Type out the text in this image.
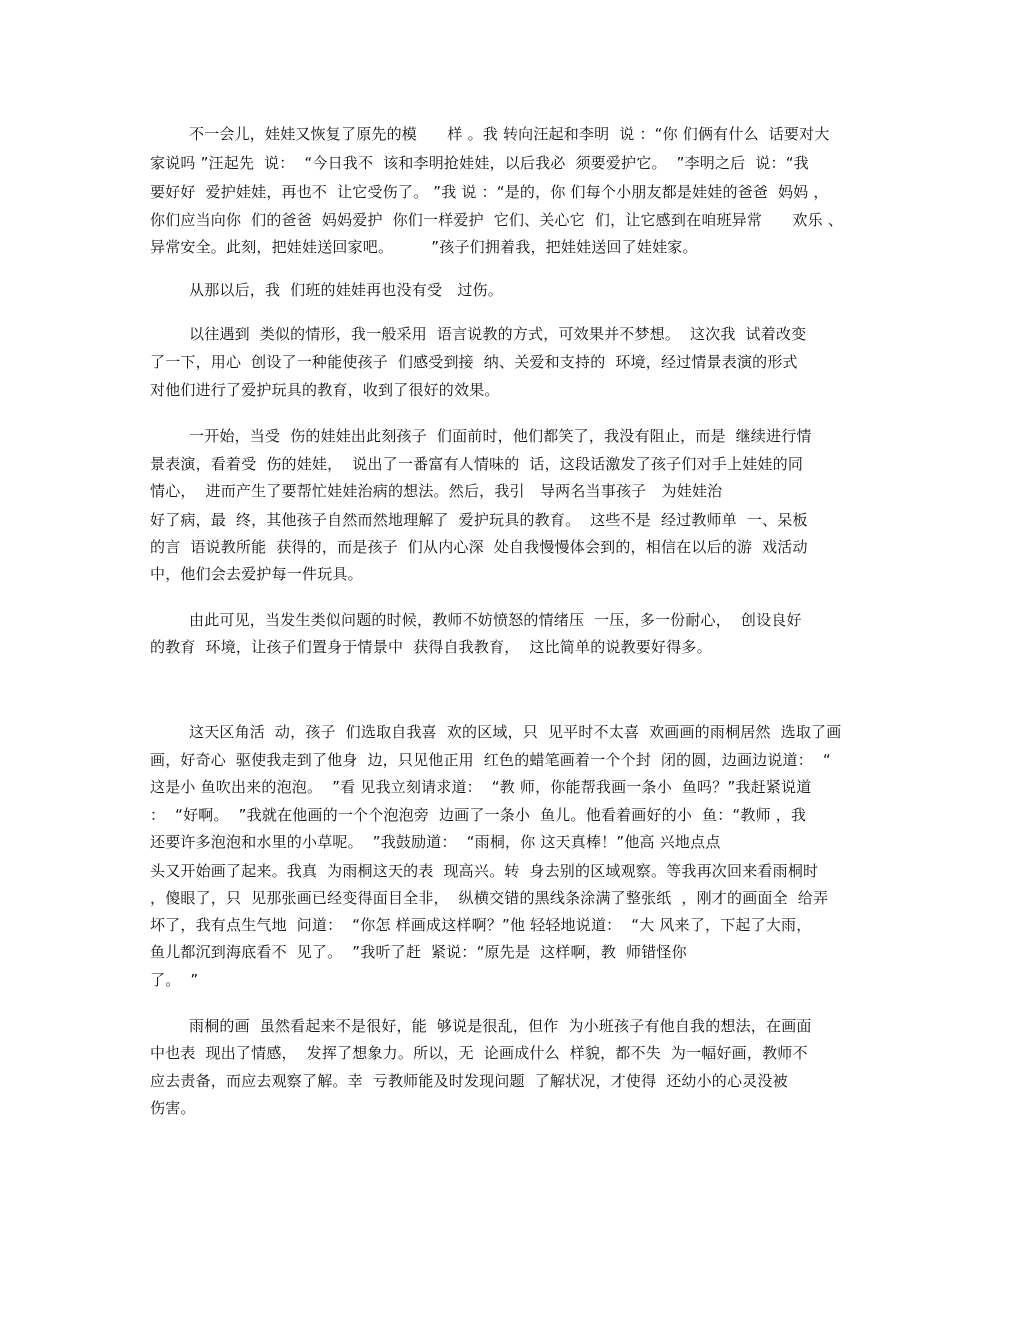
不一会儿，娃娃又恢复了原先的模　　样 。我 转向汪起和李明  说 ：“你 们俩有什么  话要对大

家说吗 ”汪起先  说：  “今日我不  该和李明抢娃娃，以后我必  须要爱护它。  ”李明之后  说：“我

要好好  爱护娃娃，再也不  让它受伤了。 ”我 说 ：“是的，你 们每个小朋友都是娃娃的爸爸  妈妈 ，

你们应当向你  们的爸爸  妈妈爱护  你们一样爱护  它们、关心它  们，让它感到在咱班异常　　欢乐 、

异常安全。此刻，把娃娃送回家吧。　　　”孩子们拥着我，把娃娃送回了娃娃家。

从那以后，我  们班的娃娃再也没有受　过伤。

以往遇到  类似的情形，我一般采用  语言说教的方式，可效果并不梦想。  这次我  试着改变

了一下，用心  创设了一种能使孩子  们感受到接  纳、关爱和支持的  环境，经过情景表演的形式

对他们进行了爱护玩具的教育，收到了很好的效果。

一开始，当受  伤的娃娃出此刻孩子  们面前时，他们都笑了，我没有阻止，而是  继续进行情

景表演，看着受  伤的娃娃，  说出了一番富有人情味的  话，这段话激发了孩子们对手上娃娃的同

情心，  进而产生了要帮忙娃娃治病的想法。然后，我引　导两名当事孩子　为娃娃治

好了病，最  终，其他孩子自然而然地理解了  爱护玩具的教育。  这些不是  经过教师单  一、呆板

的言  语说教所能  获得的，而是孩子  们从内心深  处自我慢慢体会到的，相信在以后的游  戏活动

中，他们会去爱护每一件玩具。

由此可见，当发生类似问题的时候，教师不妨愤怒的情绪压  一压，多一份耐心，  创设良好

的教育  环境，让孩子们置身于情景中  获得自我教育，  这比简单的说教要好得多。

这天区角活  动，孩子  们选取自我喜  欢的区域，只  见平时不太喜  欢画画的雨桐居然  选取了画

画，好奇心  驱使我走到了他身  边，只见他正用  红色的蜡笔画着一个个封  闭的圆，边画边说道：  “

这是小 鱼吹出来的泡泡。  ”看 见我立刻请求道：  “教 师，你能帮我画一条小  鱼吗？”我赶紧说道

：  “好啊。  ”我就在他画的一个个泡泡旁  边画了一条小  鱼儿。他看着画好的小  鱼：“教师 ，我

还要许多泡泡和水里的小草呢。  ”我鼓励道：  “雨桐，你 这天真棒！”他高 兴地点点

头又开始画了起来。我真  为雨桐这天的表  现高兴。转  身去别的区域观察。等我再次回来看雨桐时

，傻眼了，只  见那张画已经变得面目全非，  纵横交错的黑线条涂满了整张纸  ，刚才的画面全  给弄

坏了，我有点生气地  问道：  “你怎 样画成这样啊？”他 轻轻地说道：  “大 风来了，下起了大雨，

鱼儿都沉到海底看不  见了。  ”我听了赶  紧说：“原先是  这样啊，教  师错怪你

了。  ”

雨桐的画  虽然看起来不是很好，能  够说是很乱，但作  为小班孩子有他自我的想法，在画面

中也表  现出了情感，  发挥了想象力。所以，无  论画成什么  样貌，都不失  为一幅好画，教师不

应去责备，而应去观察了解。幸  亏教师能及时发现问题  了解状况，才使得  还幼小的心灵没被

伤害。
